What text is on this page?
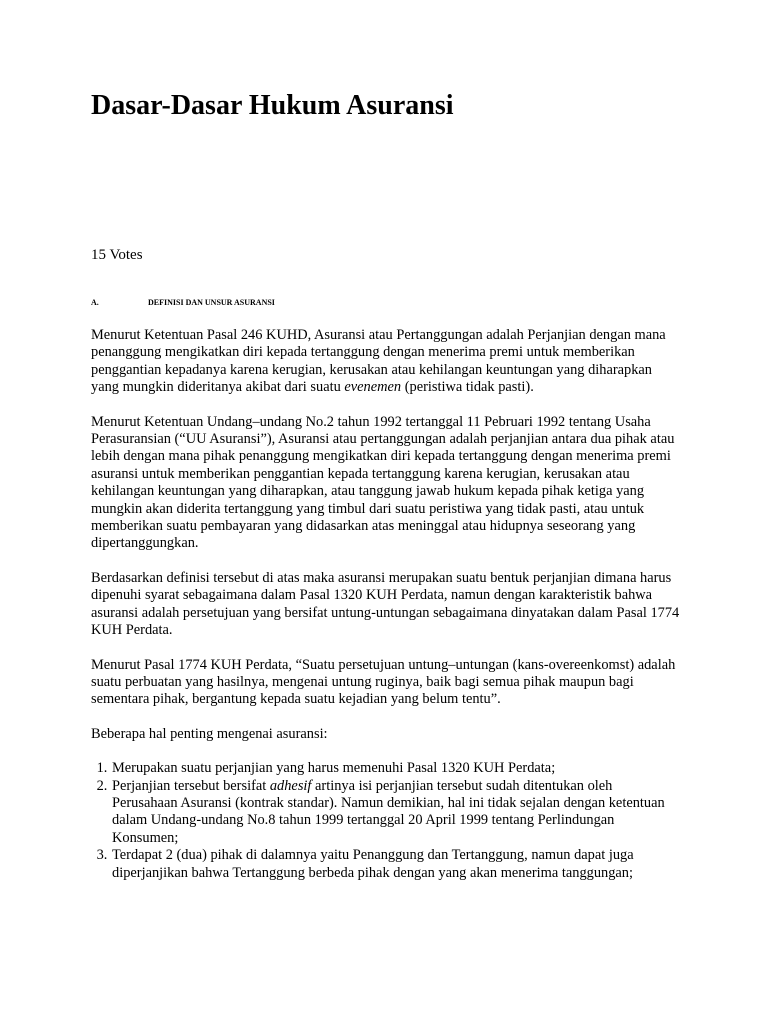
Dasar-Dasar Hukum Asuransi
15 Votes
A.	DEFINISI DAN UNSUR ASURANSI

Menurut Ketentuan Pasal 246 KUHD, Asuransi atau Pertanggungan adalah Perjanjian dengan mana penanggung mengikatkan diri kepada tertanggung dengan menerima premi untuk memberikan penggantian kepadanya karena kerugian, kerusakan atau kehilangan keuntungan yang diharapkan yang mungkin dideritanya akibat dari suatu evenemen (peristiwa tidak pasti).

Menurut Ketentuan Undang–undang No.2 tahun 1992 tertanggal 11 Pebruari 1992 tentang Usaha Perasuransian (“UU Asuransi”), Asuransi atau pertanggungan adalah perjanjian antara dua pihak atau lebih dengan mana pihak penanggung mengikatkan diri kepada tertanggung dengan menerima premi asuransi untuk memberikan penggantian kepada tertanggung karena kerugian, kerusakan atau kehilangan keuntungan yang diharapkan, atau tanggung jawab hukum kepada pihak ketiga yang mungkin akan diderita tertanggung yang timbul dari suatu peristiwa yang tidak pasti, atau untuk memberikan suatu pembayaran yang didasarkan atas meninggal atau hidupnya seseorang yang dipertanggungkan.

Berdasarkan definisi tersebut di atas maka asuransi merupakan suatu bentuk perjanjian dimana harus dipenuhi syarat sebagaimana dalam Pasal 1320 KUH Perdata, namun dengan karakteristik bahwa asuransi adalah persetujuan yang bersifat untung-untungan sebagaimana dinyatakan dalam Pasal 1774 KUH Perdata.

Menurut Pasal 1774 KUH Perdata, “Suatu persetujuan untung–untungan (kans-overeenkomst) adalah suatu perbuatan yang hasilnya, mengenai untung ruginya, baik bagi semua pihak maupun bagi sementara pihak, bergantung kepada suatu kejadian yang belum tentu”.

Beberapa hal penting mengenai asuransi:

1. Merupakan suatu perjanjian yang harus memenuhi Pasal 1320 KUH Perdata;
2. Perjanjian tersebut bersifat adhesif artinya isi perjanjian tersebut sudah ditentukan oleh Perusahaan Asuransi (kontrak standar). Namun demikian, hal ini tidak sejalan dengan ketentuan dalam Undang-undang No.8 tahun 1999 tertanggal 20 April 1999 tentang Perlindungan Konsumen;
3. Terdapat 2 (dua) pihak di dalamnya yaitu Penanggung dan Tertanggung, namun dapat juga diperjanjikan bahwa Tertanggung berbeda pihak dengan yang akan menerima tanggungan;
